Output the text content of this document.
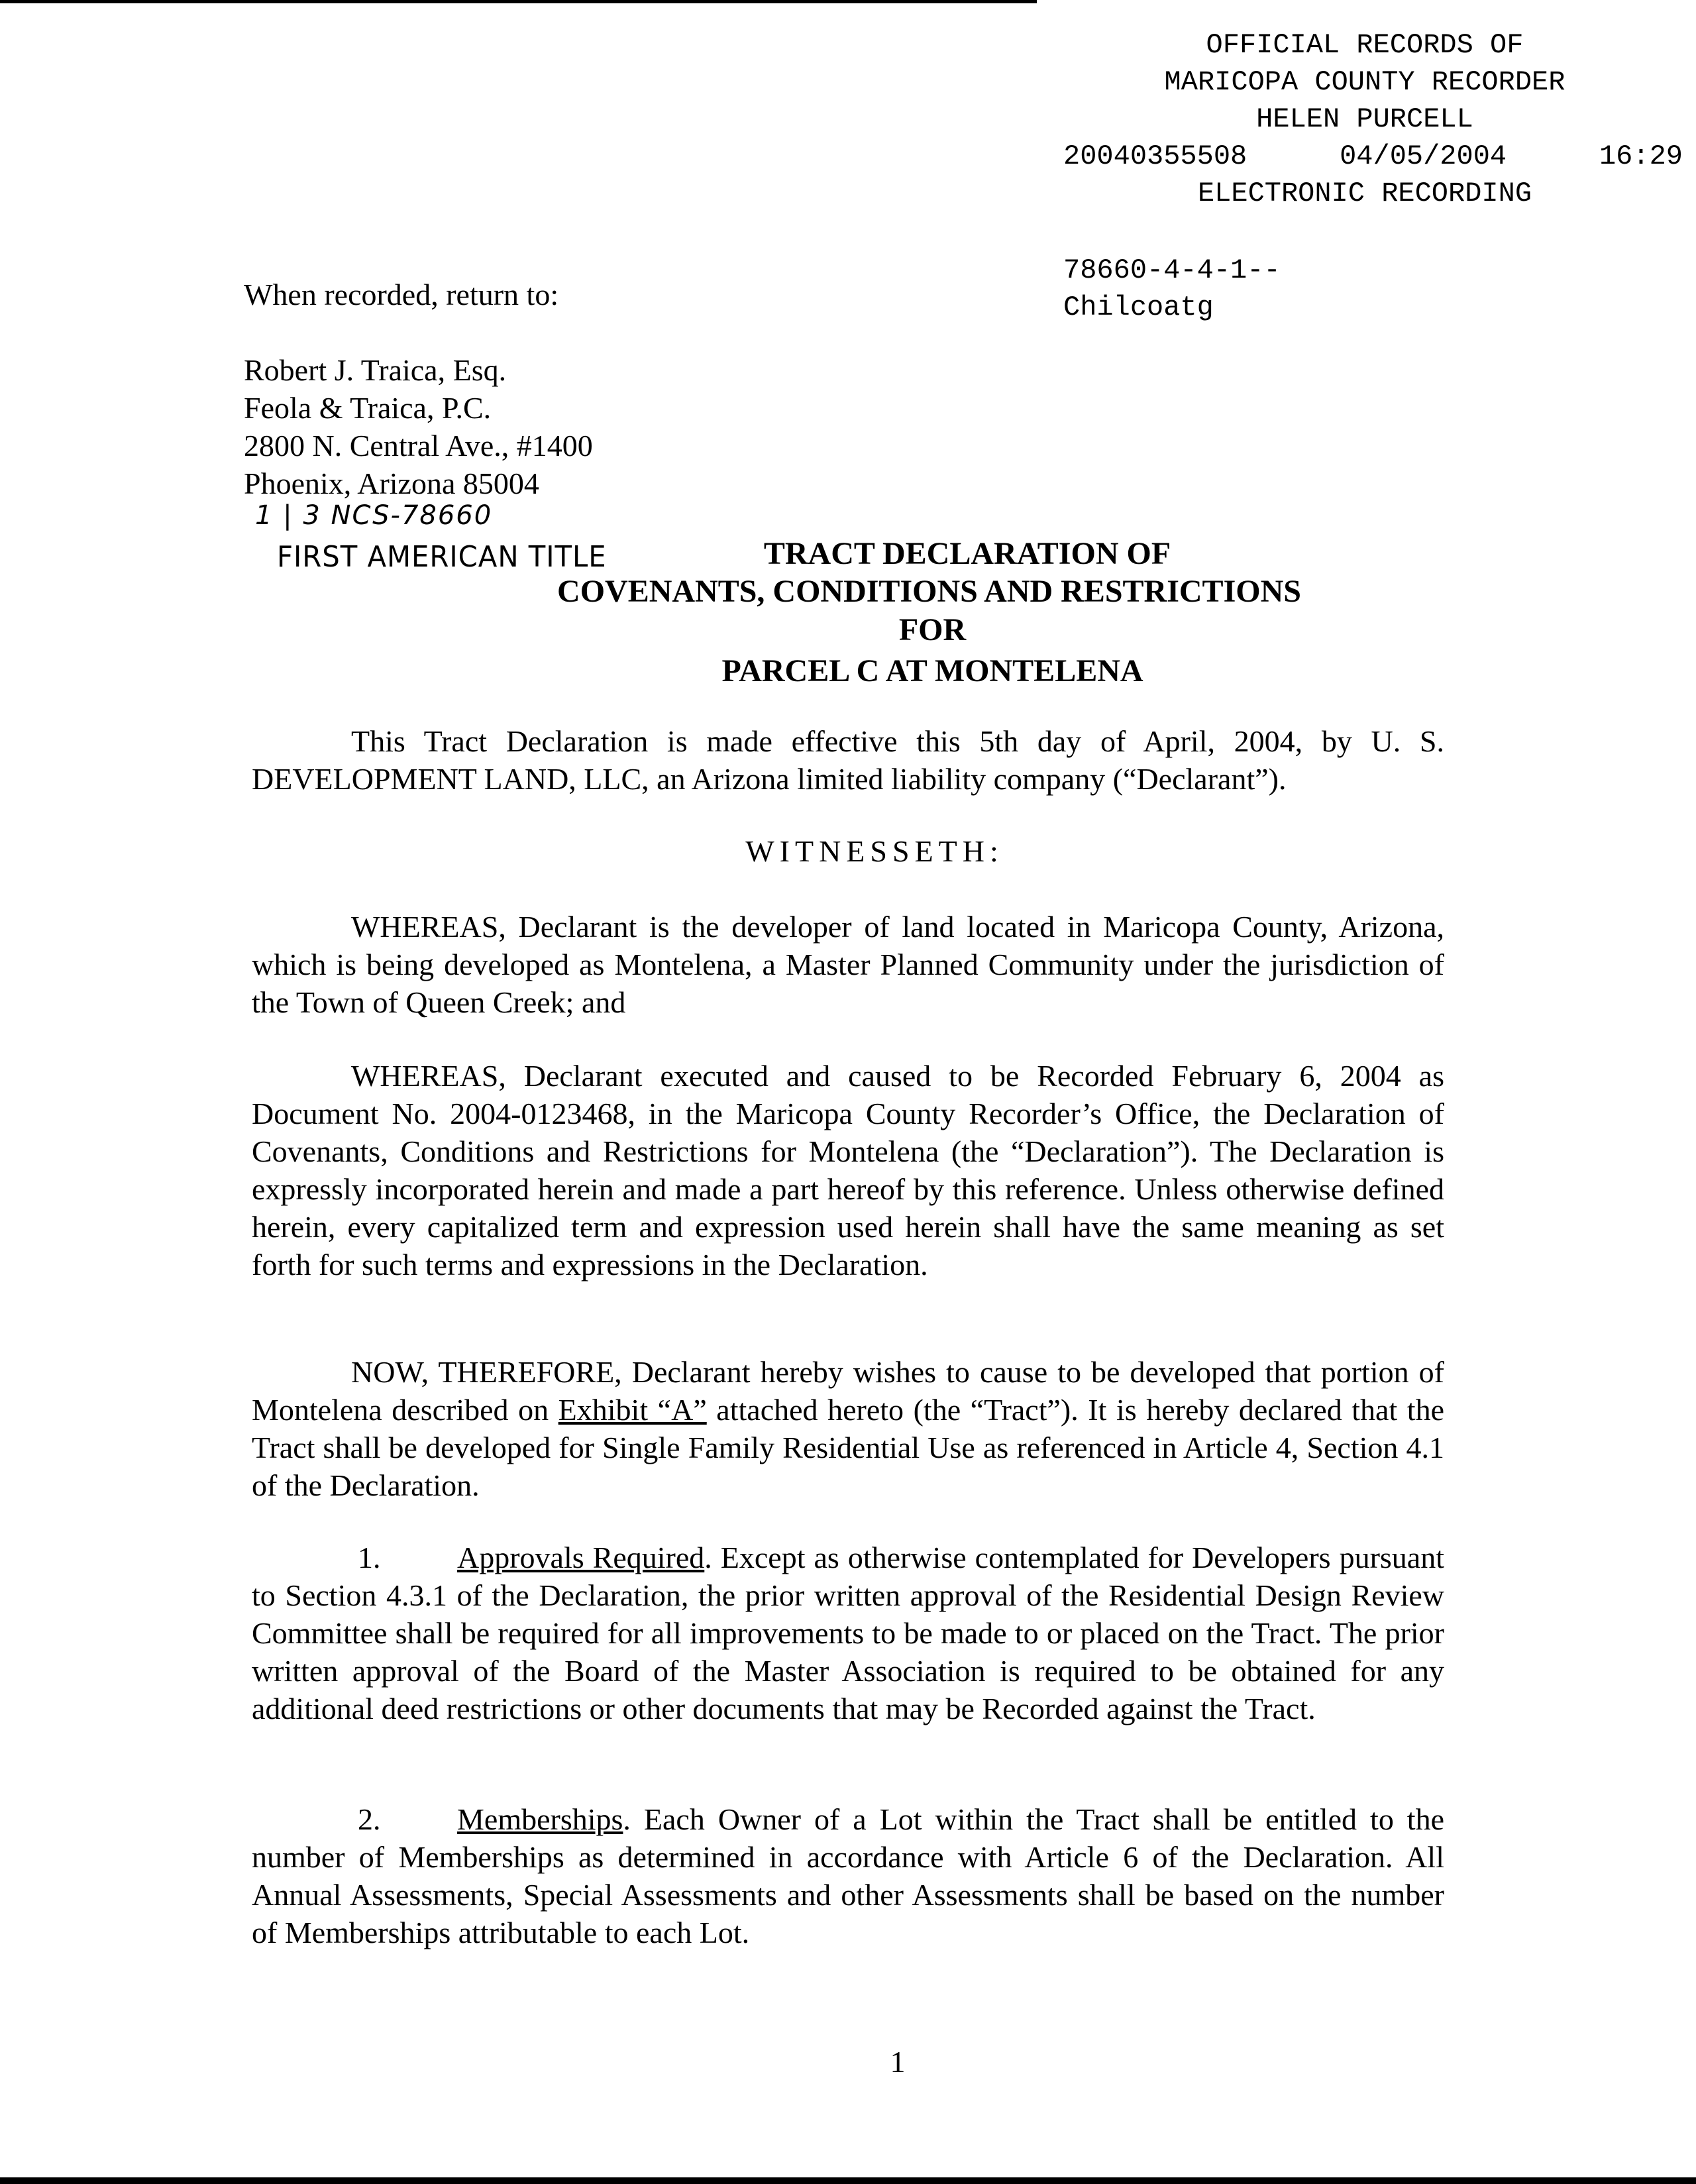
OFFICIAL RECORDS OF
MARICOPA COUNTY RECORDER
HELEN PURCELL
20040355508	04/05/2004	16:29
ELECTRONIC RECORDING
78660-4-4-1--
Chilcoatg
When recorded, return to:
Robert J. Traica, Esq.
Feola & Traica, P.C.
2800 N. Central Ave., #1400
Phoenix, Arizona 85004
1 | 3 NCS-78660
FIRST AMERICAN TITLE	TRACT DECLARATION OF
COVENANTS, CONDITIONS AND RESTRICTIONS
FOR
PARCEL C AT MONTELENA
This Tract Declaration is made effective this 5th day of April, 2004, by U. S. DEVELOPMENT LAND, LLC, an Arizona limited liability company (“Declarant”).
WITNESSETH:
WHEREAS, Declarant is the developer of land located in Maricopa County, Arizona, which is being developed as Montelena, a Master Planned Community under the jurisdiction of the Town of Queen Creek; and
WHEREAS, Declarant executed and caused to be Recorded February 6, 2004 as Document No. 2004-0123468, in the Maricopa County Recorder’s Office, the Declaration of Covenants, Conditions and Restrictions for Montelena (the “Declaration”). The Declaration is expressly incorporated herein and made a part hereof by this reference. Unless otherwise defined herein, every capitalized term and expression used herein shall have the same meaning as set forth for such terms and expressions in the Declaration.
NOW, THEREFORE, Declarant hereby wishes to cause to be developed that portion of Montelena described on Exhibit “A” attached hereto (the “Tract”). It is hereby declared that the Tract shall be developed for Single Family Residential Use as referenced in Article 4, Section 4.1 of the Declaration.
1.	Approvals Required. Except as otherwise contemplated for Developers pursuant to Section 4.3.1 of the Declaration, the prior written approval of the Residential Design Review Committee shall be required for all improvements to be made to or placed on the Tract. The prior written approval of the Board of the Master Association is required to be obtained for any additional deed restrictions or other documents that may be Recorded against the Tract.
2.	Memberships. Each Owner of a Lot within the Tract shall be entitled to the number of Memberships as determined in accordance with Article 6 of the Declaration. All Annual Assessments, Special Assessments and other Assessments shall be based on the number of Memberships attributable to each Lot.
1
